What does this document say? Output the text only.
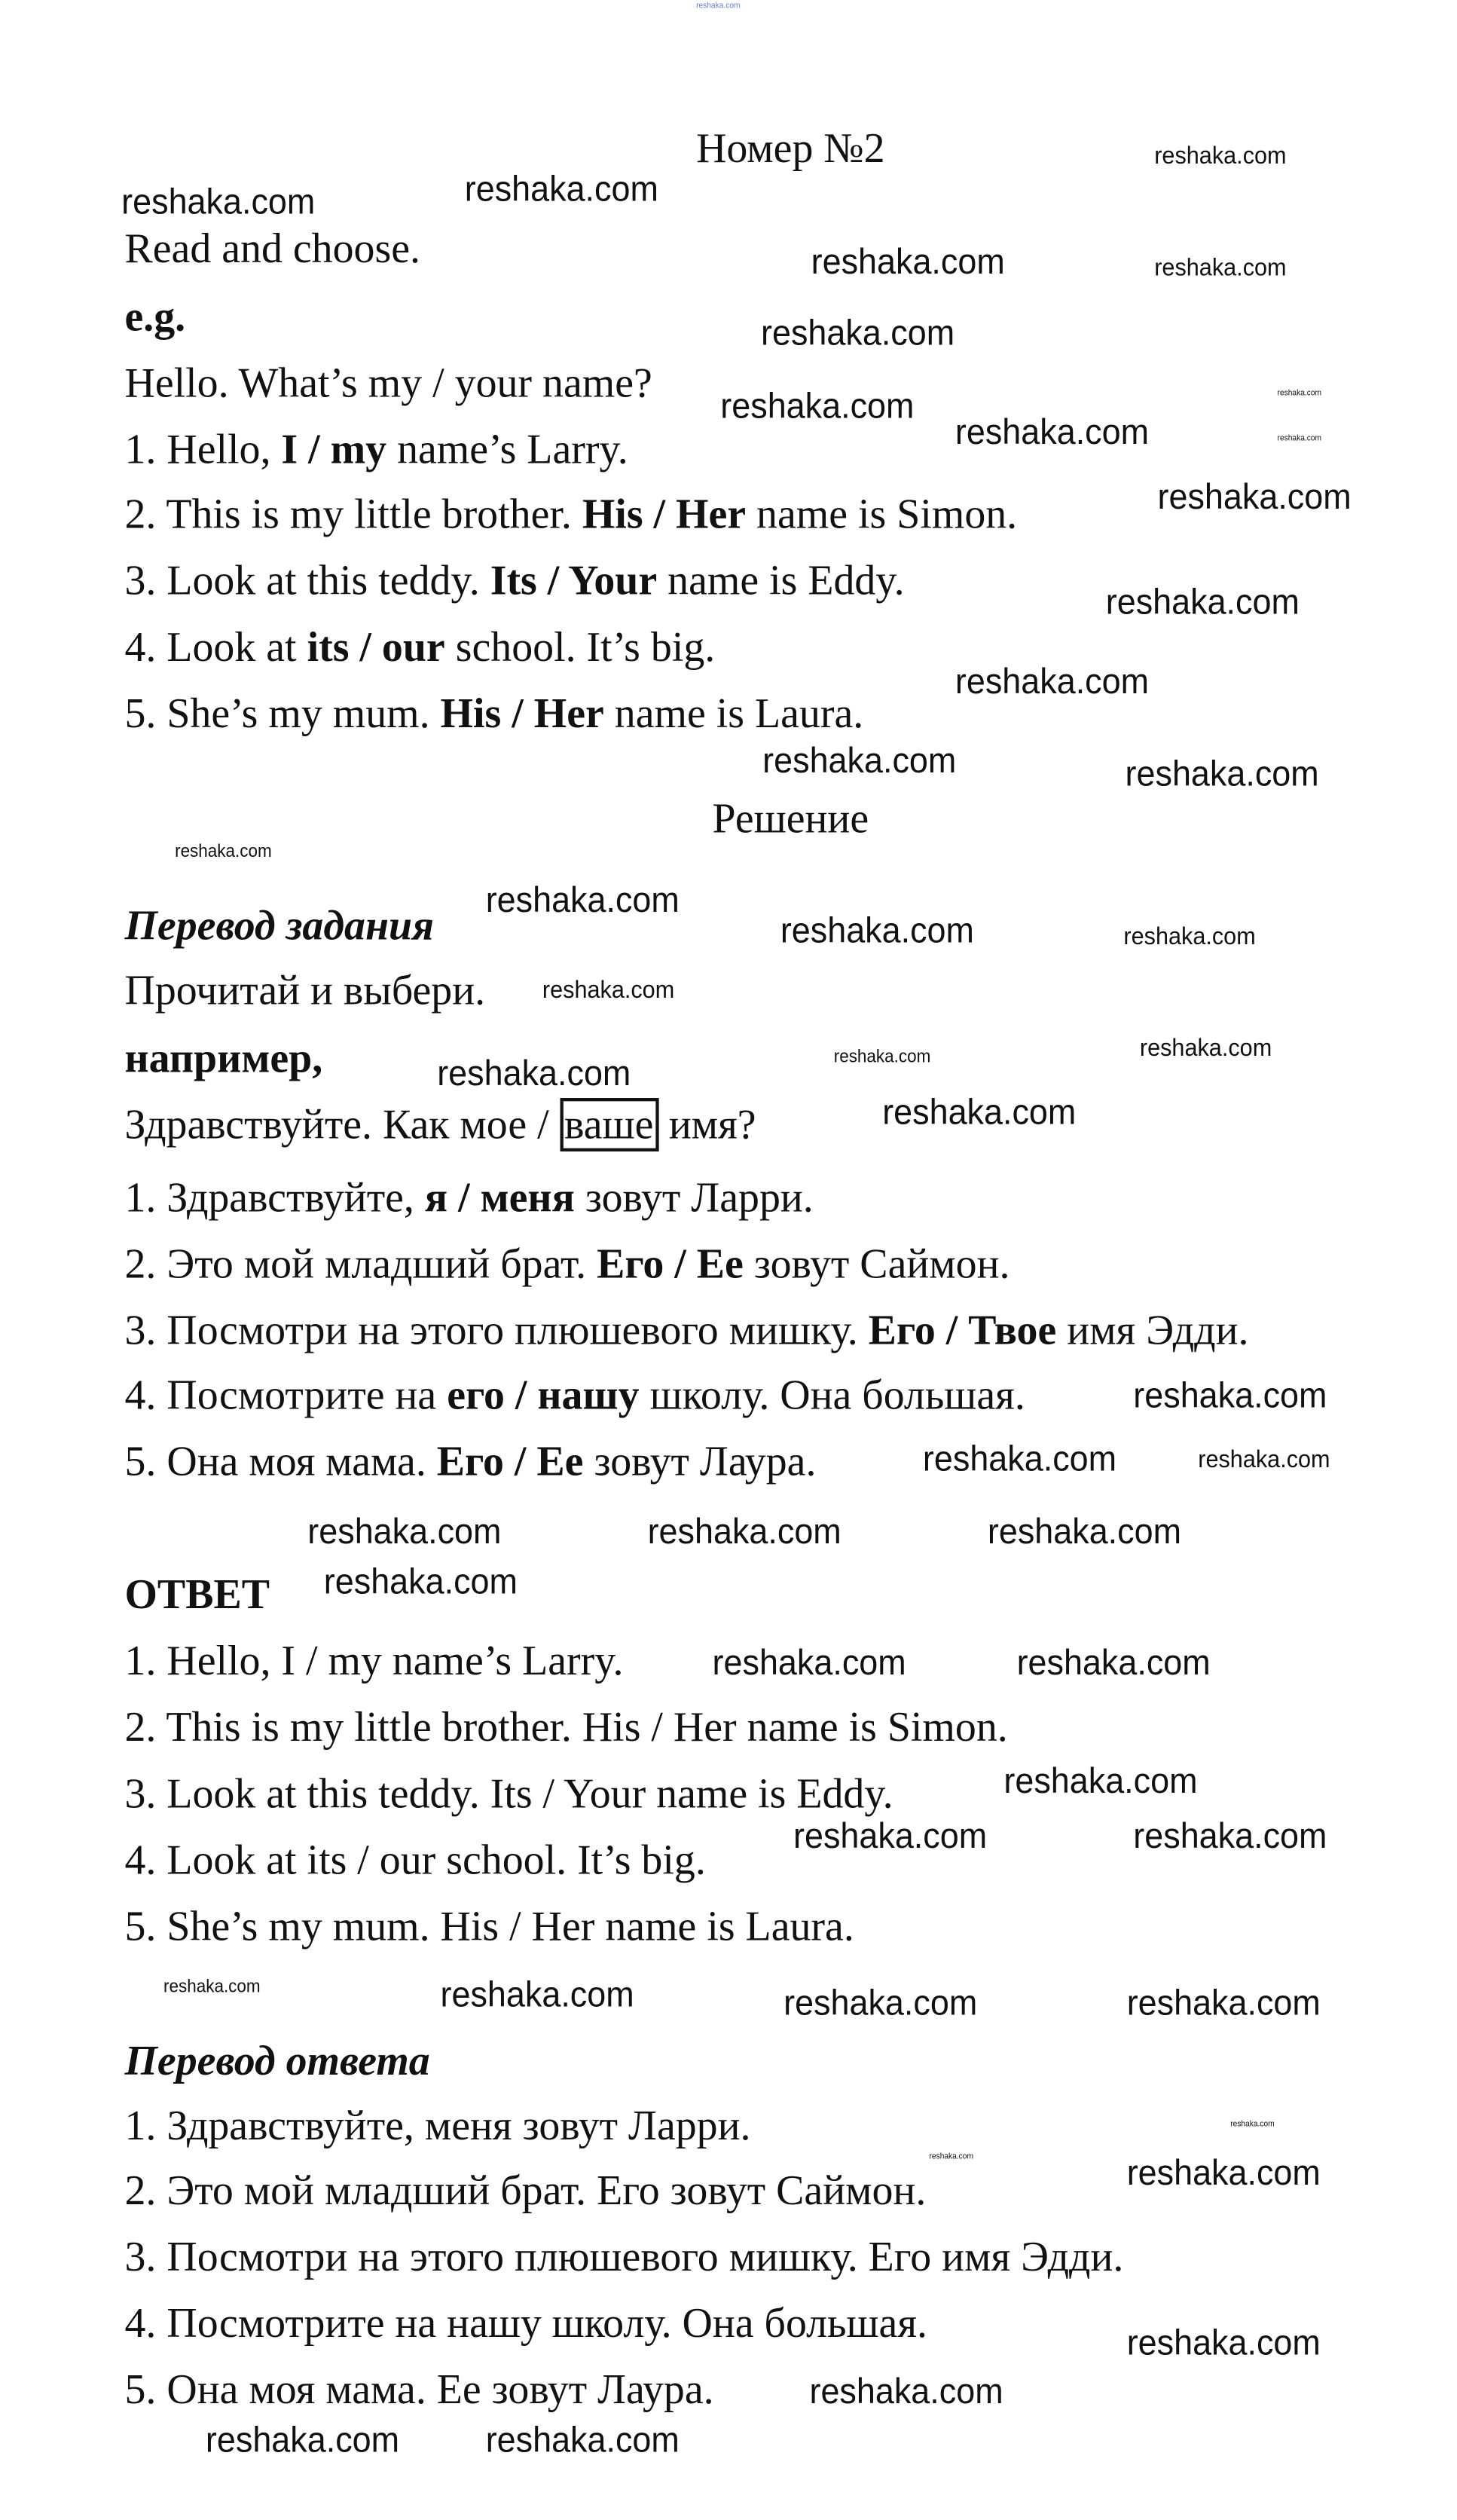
Номер №2
Read and choose.
e.g.
Hello. What’s my / your name?
1. Hello, I / my name’s Larry.
2. This is my little brother. His / Her name is Simon.
3. Look at this teddy. Its / Your name is Eddy.
4. Look at its / our school. It’s big.
5. She’s my mum. His / Her name is Laura.
Решение
Перевод задания
Прочитай и выбери.
например,
Здравствуйте. Как мое / ваше имя?
1. Здравствуйте, я / меня зовут Ларри.
2. Это мой младший брат. Его / Ее зовут Саймон.
3. Посмотри на этого плюшевого мишку. Его / Твое имя Эдди.
4. Посмотрите на его / нашу школу. Она большая.
5. Она моя мама. Его / Ее зовут Лаура.
ОТВЕТ
1. Hello, I / my name’s Larry.
2. This is my little brother. His / Her name is Simon.
3. Look at this teddy. Its / Your name is Eddy.
4. Look at its / our school. It’s big.
5. She’s my mum. His / Her name is Laura.
Перевод ответа
1. Здравствуйте, меня зовут Ларри.
2. Это мой младший брат. Его зовут Саймон.
3. Посмотри на этого плюшевого мишку. Его имя Эдди.
4. Посмотрите на нашу школу. Она большая.
5. Она моя мама. Ее зовут Лаура.
reshaka.com
reshaka.com
reshaka.com
reshaka.com
reshaka.com	reshaka.com
reshaka.com
reshaka.com	reshaka.com
reshaka.com
reshaka.com
reshaka.com
reshaka.com
reshaka.com
reshaka.com	reshaka.com
reshaka.com
reshaka.com
reshaka.com	reshaka.com
reshaka.com
reshaka.com
reshaka.com	reshaka.com
reshaka.com
reshaka.com
reshaka.com	reshaka.com
reshaka.com
reshaka.com
reshaka.com
reshaka.com
reshaka.com	reshaka.com
reshaka.com
reshaka.com	reshaka.com
reshaka.com	reshaka.com	reshaka.com	reshaka.com
reshaka.com	reshaka.com
reshaka.com	reshaka.com
reshaka.com
reshaka.com
reshaka.com
